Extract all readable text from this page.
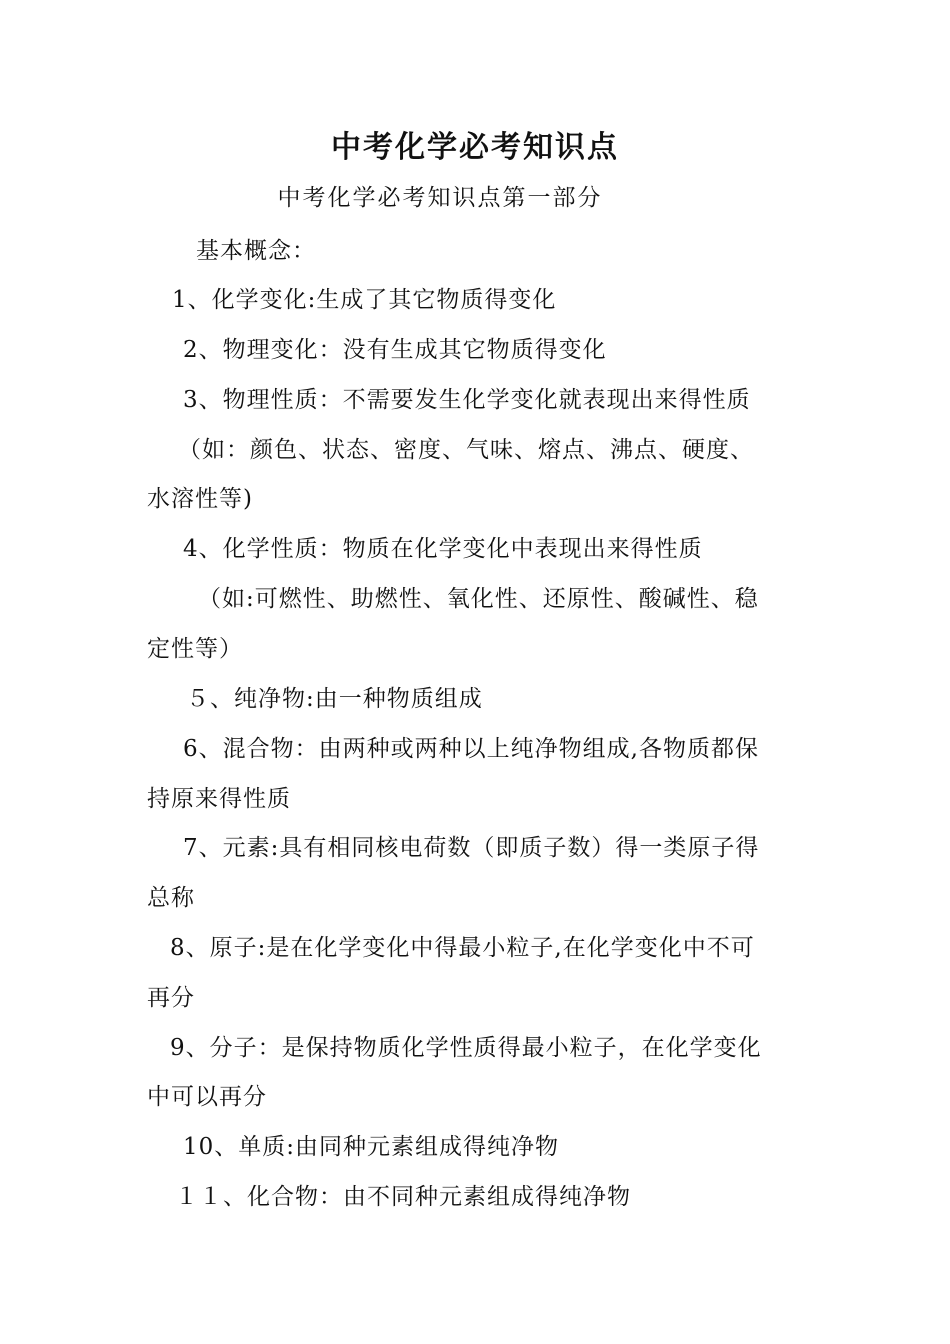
中考化学必考知识点
中考化学必考知识点第一部分
基本概念：
1、化学变化:生成了其它物质得变化
2、物理变化：没有生成其它物质得变化
3、物理性质：不需要发生化学变化就表现出来得性质
（如：颜色、状态、密度、气味、熔点、沸点、硬度、
水溶性等)
4、化学性质：物质在化学变化中表现出来得性质
（如:可燃性、助燃性、氧化性、还原性、酸碱性、稳
定性等）
５、纯净物:由一种物质组成
6、混合物：由两种或两种以上纯净物组成,各物质都保
持原来得性质
7、元素:具有相同核电荷数（即质子数）得一类原子得
总称
8、原子:是在化学变化中得最小粒子,在化学变化中不可
再分
9、分子：是保持物质化学性质得最小粒子，在化学变化
中可以再分
10、单质:由同种元素组成得纯净物
１１、化合物：由不同种元素组成得纯净物
